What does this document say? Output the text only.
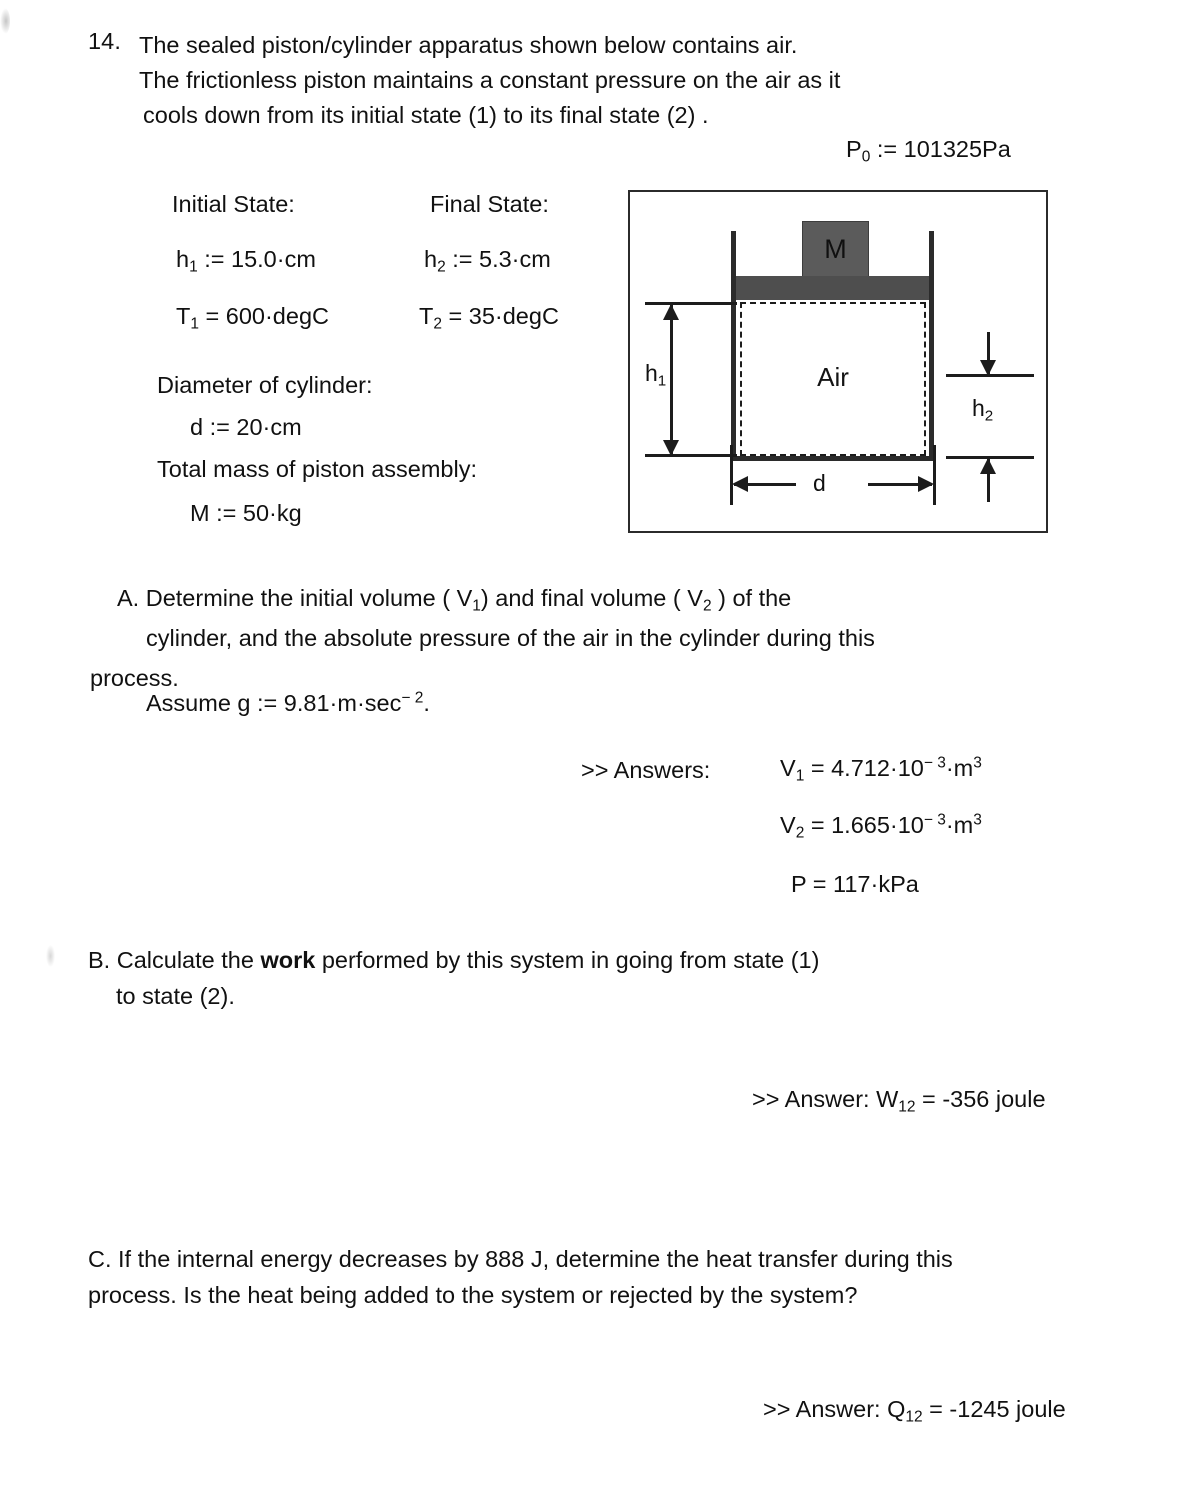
14. The sealed piston/cylinder apparatus shown below contains air.
The frictionless piston maintains a constant pressure on the air as it
cools down from its initial state (1) to its final state (2) .
$P_0$ := 101325Pa
Initial State:	Final State:
$h_1$ := 15.0·cm	$h_2$ := 5.3·cm
$T_1$ = 600·degC	$T_2$ = 35·degC
Diameter of cylinder:
d := 20·cm
Total mass of piston assembly:
M := 50·kg
M
Air
$h_1$
$h_2$
d
A. Determine the initial volume ( $V_1$) and final volume ( $V_2$ ) of the
cylinder, and the absolute pressure of the air in the cylinder during this
process.
Assume g := $9.81\cdot m\cdot\sec^{- 2}$.
>> Answers:	$V_1 = 4.712\cdot 10^{- 3}\cdot m^3$
$V_2 = 1.665\cdot 10^{- 3}\cdot m^3$
P = 117·kPa
B. Calculate the work performed by this system in going from state (1)
to state (2).
>> Answer: $W_{12} = -356$ joule
C. If the internal energy decreases by 888 J, determine the heat transfer during this
process. Is the heat being added to the system or rejected by the system?
>> Answer: $Q_{12} = -1245$ joule
